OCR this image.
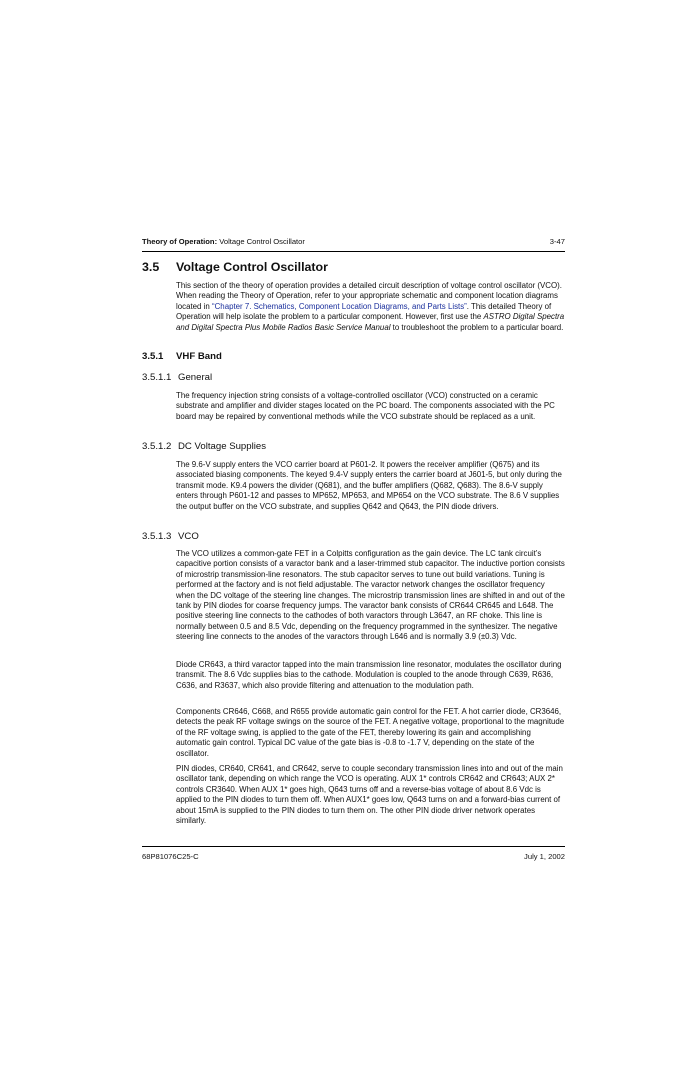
Theory of Operation: Voltage Control Oscillator	3-47
3.5 Voltage Control Oscillator

This section of the theory of operation provides a detailed circuit description of voltage control oscillator (VCO). When reading the Theory of Operation, refer to your appropriate schematic and component location diagrams located in “Chapter 7. Schematics, Component Location Diagrams, and Parts Lists”. This detailed Theory of Operation will help isolate the problem to a particular component. However, first use the ASTRO Digital Spectra and Digital Spectra Plus Mobile Radios Basic Service Manual to troubleshoot the problem to a particular board.

3.5.1 VHF Band
3.5.1.1 General

The frequency injection string consists of a voltage-controlled oscillator (VCO) constructed on a ceramic substrate and amplifier and divider stages located on the PC board. The components associated with the PC board may be repaired by conventional methods while the VCO substrate should be replaced as a unit.

3.5.1.2 DC Voltage Supplies

The 9.6-V supply enters the VCO carrier board at P601-2. It powers the receiver amplifier (Q675) and its associated biasing components. The keyed 9.4-V supply enters the carrier board at J601-5, but only during the transmit mode. K9.4 powers the divider (Q681), and the buffer amplifiers (Q682, Q683). The 8.6-V supply enters through P601-12 and passes to MP652, MP653, and MP654 on the VCO substrate. The 8.6 V supplies the output buffer on the VCO substrate, and supplies Q642 and Q643, the PIN diode drivers.

3.5.1.3 VCO

The VCO utilizes a common-gate FET in a Colpitts configuration as the gain device. The LC tank circuit’s capacitive portion consists of a varactor bank and a laser-trimmed stub capacitor. The inductive portion consists of microstrip transmission-line resonators. The stub capacitor serves to tune out build variations. Tuning is performed at the factory and is not field adjustable. The varactor network changes the oscillator frequency when the DC voltage of the steering line changes. The microstrip transmission lines are shifted in and out of the tank by PIN diodes for coarse frequency jumps. The varactor bank consists of CR644 CR645 and L648. The positive steering line connects to the cathodes of both varactors through L3647, an RF choke. This line is normally between 0.5 and 8.5 Vdc, depending on the frequency programmed in the synthesizer. The negative steering line connects to the anodes of the varactors through L646 and is normally 3.9 (±0.3) Vdc.

Diode CR643, a third varactor tapped into the main transmission line resonator, modulates the oscillator during transmit. The 8.6 Vdc supplies bias to the cathode. Modulation is coupled to the anode through C639, R636, C636, and R3637, which also provide filtering and attenuation to the modulation path.

Components CR646, C668, and R655 provide automatic gain control for the FET. A hot carrier diode, CR3646, detects the peak RF voltage swings on the source of the FET. A negative voltage, proportional to the magnitude of the RF voltage swing, is applied to the gate of the FET, thereby lowering its gain and accomplishing automatic gain control. Typical DC value of the gate bias is -0.8 to -1.7 V, depending on the state of the oscillator.

PIN diodes, CR640, CR641, and CR642, serve to couple secondary transmission lines into and out of the main oscillator tank, depending on which range the VCO is operating. AUX 1* controls CR642 and CR643; AUX 2* controls CR3640. When AUX 1* goes high, Q643 turns off and a reverse-bias voltage of about 8.6 Vdc is applied to the PIN diodes to turn them off. When AUX1* goes low, Q643 turns on and a forward-bias current of about 15mA is supplied to the PIN diodes to turn them on. The other PIN diode driver network operates similarly.

68P81076C25-C	July 1, 2002
